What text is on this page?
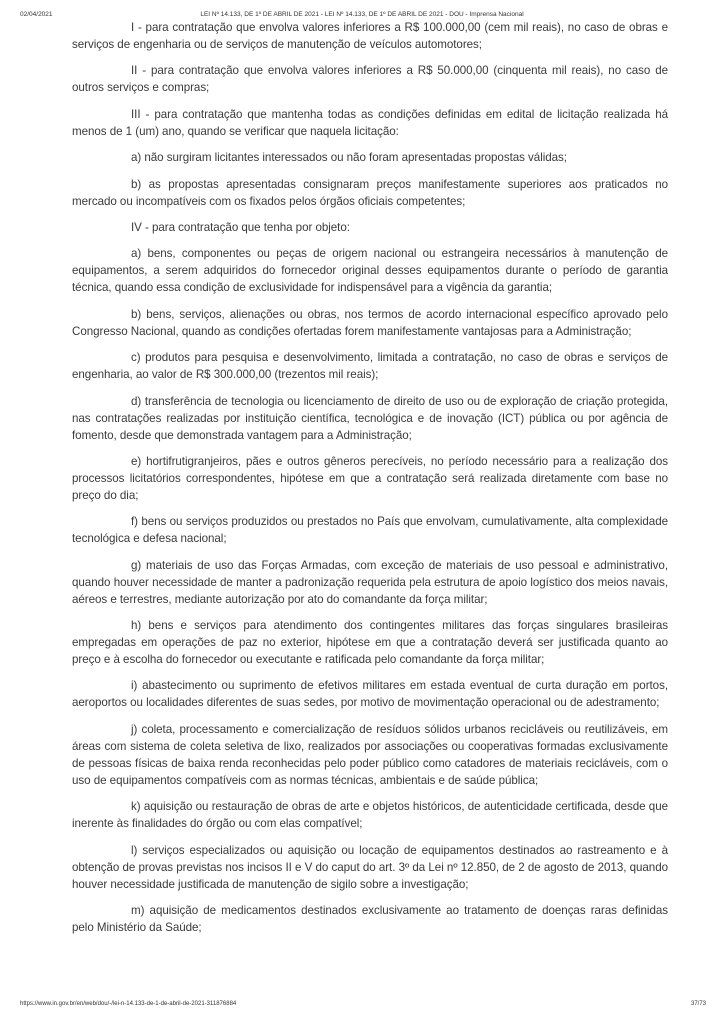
02/04/2021	LEI Nº 14.133, DE 1º DE ABRIL DE 2021 - LEI Nº 14.133, DE 1º DE ABRIL DE 2021 - DOU - Imprensa Nacional

I - para contratação que envolva valores inferiores a R$ 100.000,00 (cem mil reais), no caso de obras e serviços de engenharia ou de serviços de manutenção de veículos automotores;

II - para contratação que envolva valores inferiores a R$ 50.000,00 (cinquenta mil reais), no caso de outros serviços e compras;

III - para contratação que mantenha todas as condições definidas em edital de licitação realizada há menos de 1 (um) ano, quando se verificar que naquela licitação:

a) não surgiram licitantes interessados ou não foram apresentadas propostas válidas;

b) as propostas apresentadas consignaram preços manifestamente superiores aos praticados no mercado ou incompatíveis com os fixados pelos órgãos oficiais competentes;

IV - para contratação que tenha por objeto:

a) bens, componentes ou peças de origem nacional ou estrangeira necessários à manutenção de equipamentos, a serem adquiridos do fornecedor original desses equipamentos durante o período de garantia técnica, quando essa condição de exclusividade for indispensável para a vigência da garantia;

b) bens, serviços, alienações ou obras, nos termos de acordo internacional específico aprovado pelo Congresso Nacional, quando as condições ofertadas forem manifestamente vantajosas para a Administração;

c) produtos para pesquisa e desenvolvimento, limitada a contratação, no caso de obras e serviços de engenharia, ao valor de R$ 300.000,00 (trezentos mil reais);

d) transferência de tecnologia ou licenciamento de direito de uso ou de exploração de criação protegida, nas contratações realizadas por instituição científica, tecnológica e de inovação (ICT) pública ou por agência de fomento, desde que demonstrada vantagem para a Administração;

e) hortifrutigranjeiros, pães e outros gêneros perecíveis, no período necessário para a realização dos processos licitatórios correspondentes, hipótese em que a contratação será realizada diretamente com base no preço do dia;

f) bens ou serviços produzidos ou prestados no País que envolvam, cumulativamente, alta complexidade tecnológica e defesa nacional;

g) materiais de uso das Forças Armadas, com exceção de materiais de uso pessoal e administrativo, quando houver necessidade de manter a padronização requerida pela estrutura de apoio logístico dos meios navais, aéreos e terrestres, mediante autorização por ato do comandante da força militar;

h) bens e serviços para atendimento dos contingentes militares das forças singulares brasileiras empregadas em operações de paz no exterior, hipótese em que a contratação deverá ser justificada quanto ao preço e à escolha do fornecedor ou executante e ratificada pelo comandante da força militar;

i) abastecimento ou suprimento de efetivos militares em estada eventual de curta duração em portos, aeroportos ou localidades diferentes de suas sedes, por motivo de movimentação operacional ou de adestramento;

j) coleta, processamento e comercialização de resíduos sólidos urbanos recicláveis ou reutilizáveis, em áreas com sistema de coleta seletiva de lixo, realizados por associações ou cooperativas formadas exclusivamente de pessoas físicas de baixa renda reconhecidas pelo poder público como catadores de materiais recicláveis, com o uso de equipamentos compatíveis com as normas técnicas, ambientais e de saúde pública;

k) aquisição ou restauração de obras de arte e objetos históricos, de autenticidade certificada, desde que inerente às finalidades do órgão ou com elas compatível;

l) serviços especializados ou aquisição ou locação de equipamentos destinados ao rastreamento e à obtenção de provas previstas nos incisos II e V do caput do art. 3º da Lei nº 12.850, de 2 de agosto de 2013, quando houver necessidade justificada de manutenção de sigilo sobre a investigação;

m) aquisição de medicamentos destinados exclusivamente ao tratamento de doenças raras definidas pelo Ministério da Saúde;

https://www.in.gov.br/en/web/dou/-/lei-n-14.133-de-1-de-abril-de-2021-311876884	37/73
